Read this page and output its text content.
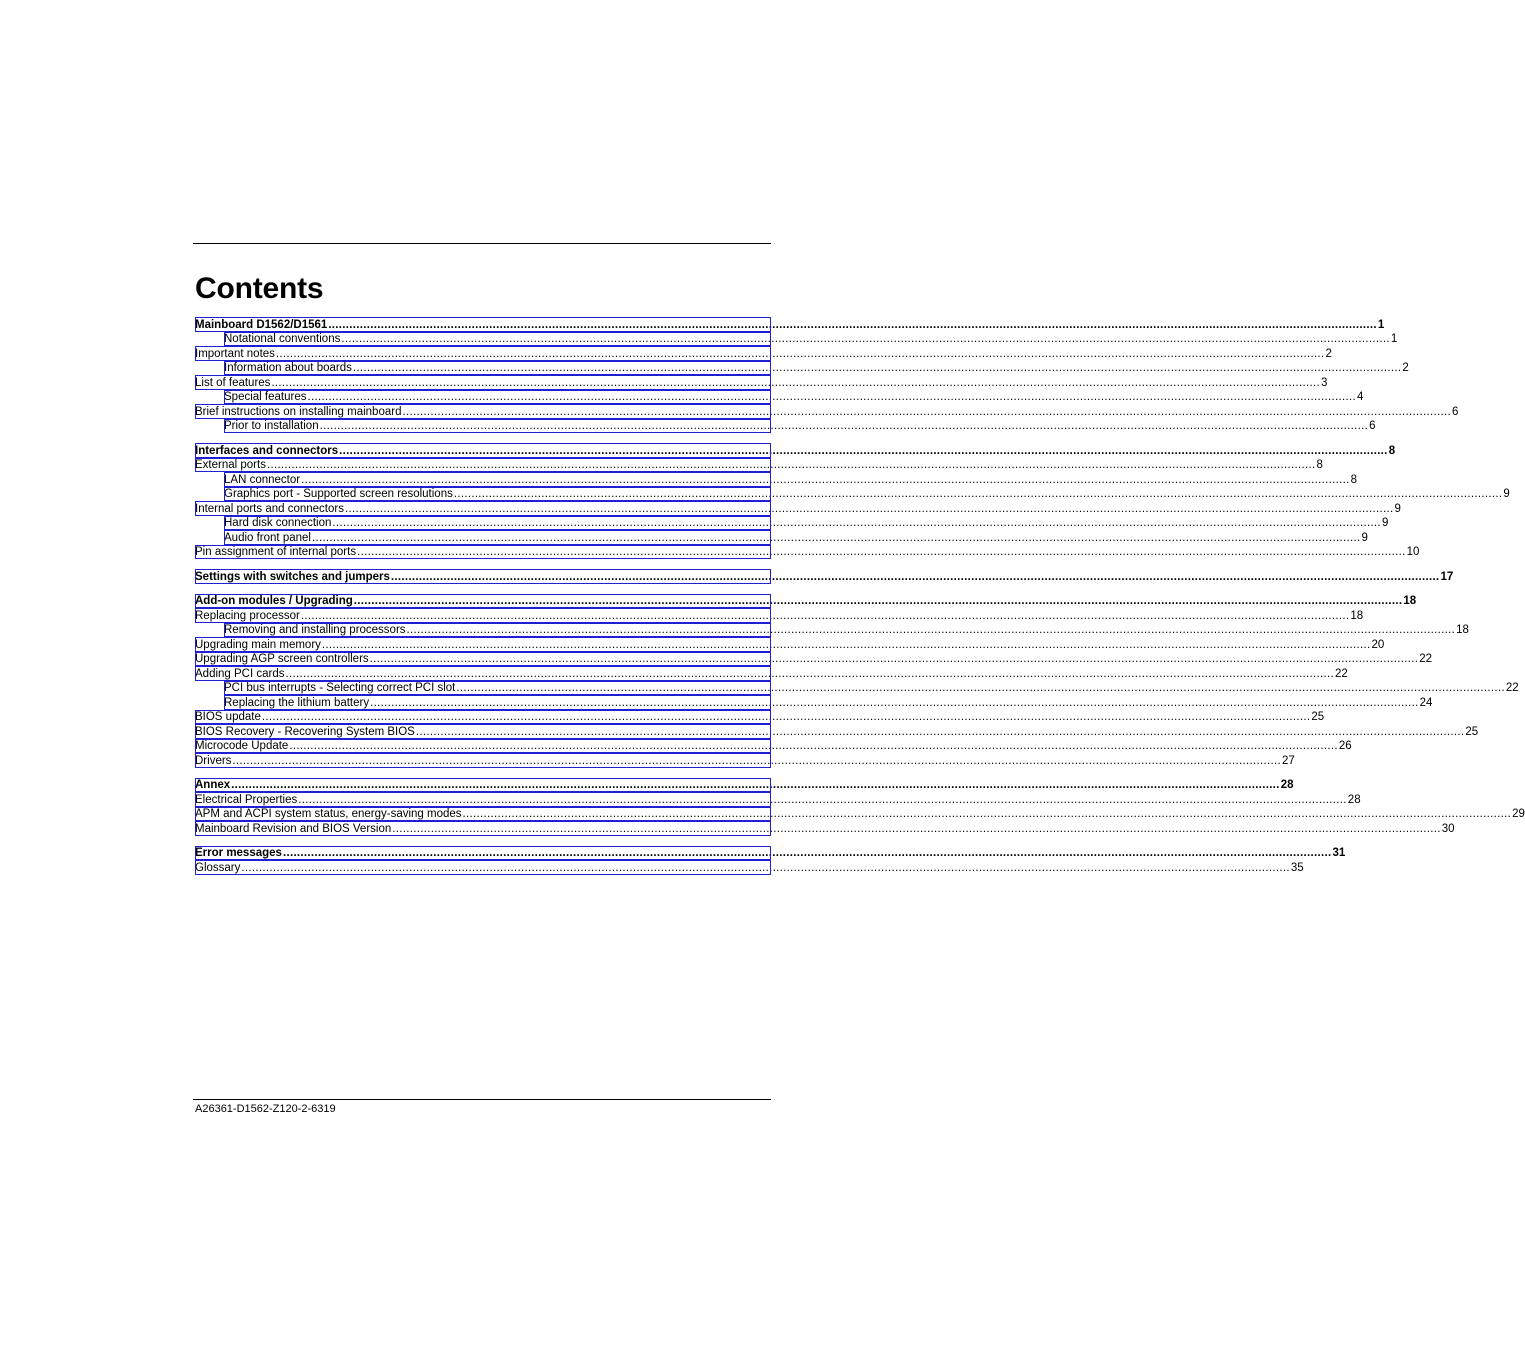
Contents
Mainboard D1562/D1561 ............................................................................................................................................................................................................................................................................................................ 1
Notational conventions ............................................................................................................................................................................................................................................................................................................ 1
Important notes ............................................................................................................................................................................................................................................................................................................ 2
Information about boards ............................................................................................................................................................................................................................................................................................................ 2
List of features ............................................................................................................................................................................................................................................................................................................ 3
Special features ............................................................................................................................................................................................................................................................................................................ 4
Brief instructions on installing mainboard ............................................................................................................................................................................................................................................................................................................ 6
Prior to installation ............................................................................................................................................................................................................................................................................................................ 6
Interfaces and connectors ............................................................................................................................................................................................................................................................................................................ 8
External ports ............................................................................................................................................................................................................................................................................................................ 8
LAN connector ............................................................................................................................................................................................................................................................................................................ 8
Graphics port - Supported screen resolutions ............................................................................................................................................................................................................................................................................................................ 9
Internal ports and connectors ............................................................................................................................................................................................................................................................................................................ 9
Hard disk connection ............................................................................................................................................................................................................................................................................................................ 9
Audio front panel ............................................................................................................................................................................................................................................................................................................ 9
Pin assignment of internal ports ............................................................................................................................................................................................................................................................................................................ 10
Settings with switches and jumpers ............................................................................................................................................................................................................................................................................................................ 17
Add-on modules / Upgrading ............................................................................................................................................................................................................................................................................................................ 18
Replacing processor ............................................................................................................................................................................................................................................................................................................ 18
Removing and installing processors ............................................................................................................................................................................................................................................................................................................ 18
Upgrading main memory ............................................................................................................................................................................................................................................................................................................ 20
Upgrading AGP screen controllers ............................................................................................................................................................................................................................................................................................................ 22
Adding PCI cards ............................................................................................................................................................................................................................................................................................................ 22
PCI bus interrupts - Selecting correct PCI slot ............................................................................................................................................................................................................................................................................................................ 22
Replacing the lithium battery ............................................................................................................................................................................................................................................................................................................ 24
BIOS update ............................................................................................................................................................................................................................................................................................................ 25
BIOS Recovery - Recovering System BIOS ............................................................................................................................................................................................................................................................................................................ 25
Microcode Update ............................................................................................................................................................................................................................................................................................................ 26
Drivers ............................................................................................................................................................................................................................................................................................................ 27
Annex ............................................................................................................................................................................................................................................................................................................ 28
Electrical Properties ............................................................................................................................................................................................................................................................................................................ 28
APM and ACPI system status, energy-saving modes ............................................................................................................................................................................................................................................................................................................ 29
Mainboard Revision and BIOS Version ............................................................................................................................................................................................................................................................................................................ 30
Error messages ............................................................................................................................................................................................................................................................................................................ 31
Glossary ............................................................................................................................................................................................................................................................................................................ 35
A26361-D1562-Z120-2-6319
